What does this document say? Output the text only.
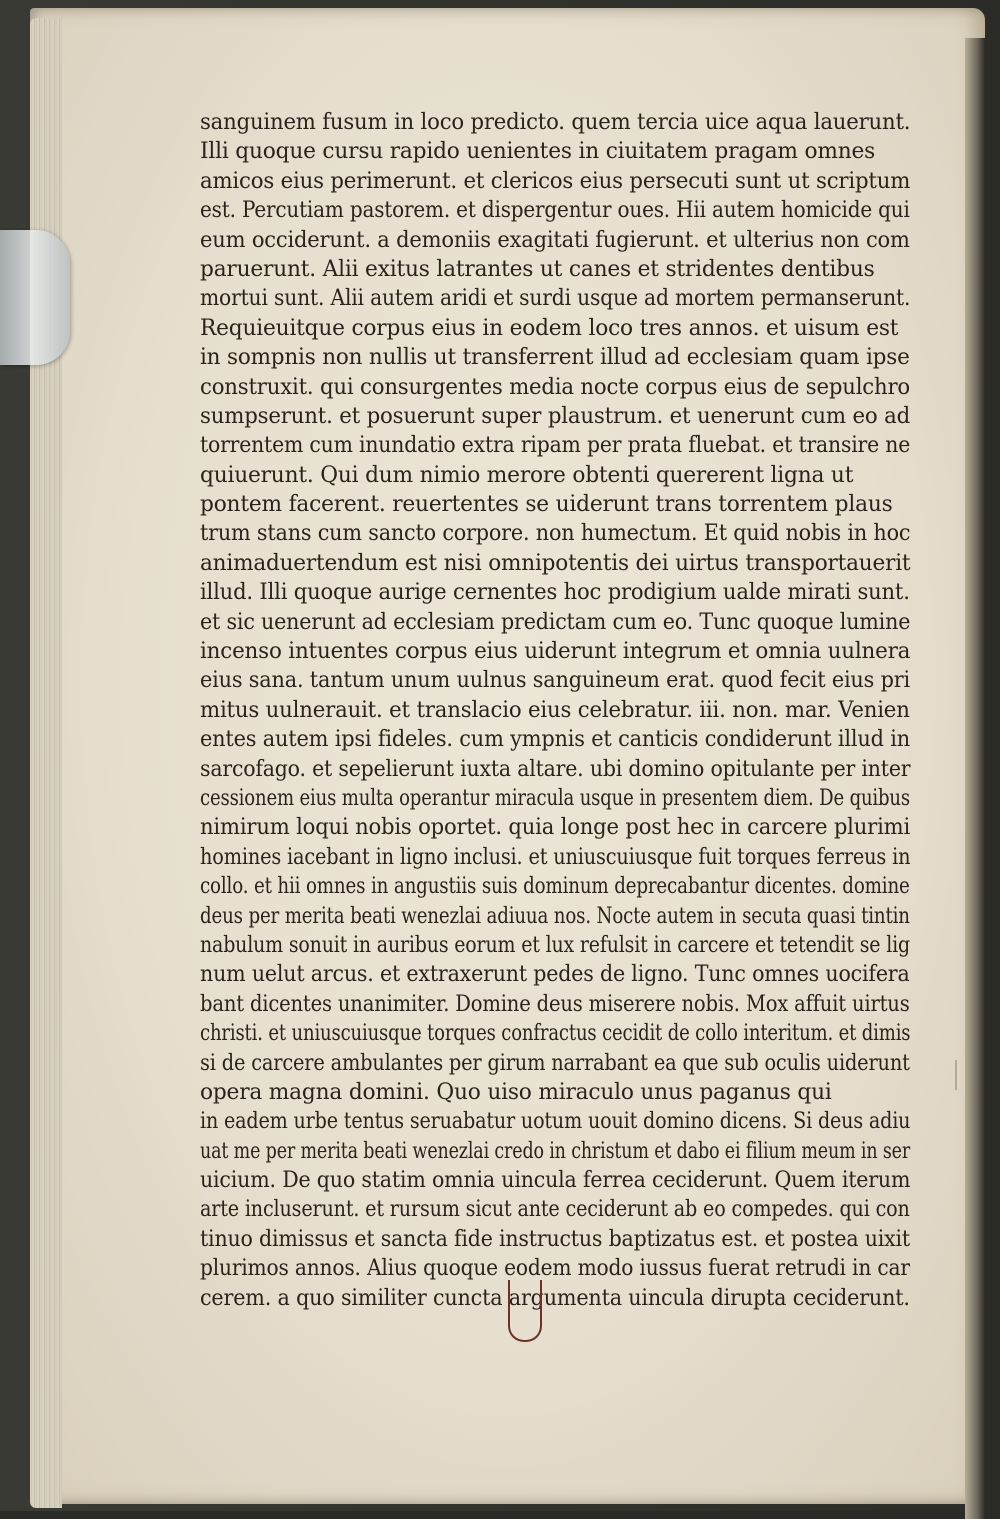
sanguinem fusum in loco predicto. quem tercia uice aqua lauerunt.
Illi quoque cursu rapido uenientes in ciuitatem pragam omnes
amicos eius perimerunt. et clericos eius persecuti sunt ut scriptum
est. Percutiam pastorem. et dispergentur oues. Hii autem homicide qui
eum occiderunt. a demoniis exagitati fugierunt. et ulterius non com
paruerunt. Alii exitus latrantes ut canes et stridentes dentibus
mortui sunt. Alii autem aridi et surdi usque ad mortem permanserunt.
Requieuitque corpus eius in eodem loco tres annos. et uisum est
in sompnis non nullis ut transferrent illud ad ecclesiam quam ipse
construxit. qui consurgentes media nocte corpus eius de sepulchro
sumpserunt. et posuerunt super plaustrum. et uenerunt cum eo ad
torrentem cum inundatio extra ripam per prata fluebat. et transire ne
quiuerunt. Qui dum nimio merore obtenti quererent ligna ut
pontem facerent. reuertentes se uiderunt trans torrentem plaus
trum stans cum sancto corpore. non humectum. Et quid nobis in hoc
animaduertendum est nisi omnipotentis dei uirtus transportauerit
illud. Illi quoque aurige cernentes hoc prodigium ualde mirati sunt.
et sic uenerunt ad ecclesiam predictam cum eo. Tunc quoque lumine
incenso intuentes corpus eius uiderunt integrum et omnia uulnera
eius sana. tantum unum uulnus sanguineum erat. quod fecit eius pri
mitus uulnerauit. et translacio eius celebratur. iii. non. mar. Venien
entes autem ipsi fideles. cum ympnis et canticis condiderunt illud in
sarcofago. et sepelierunt iuxta altare. ubi domino opitulante per inter
cessionem eius multa operantur miracula usque in presentem diem. De quibus
nimirum loqui nobis oportet. quia longe post hec in carcere plurimi
homines iacebant in ligno inclusi. et uniuscuiusque fuit torques ferreus in
collo. et hii omnes in angustiis suis dominum deprecabantur dicentes. domine
deus per merita beati wenezlai adiuua nos. Nocte autem in secuta quasi tintin
nabulum sonuit in auribus eorum et lux refulsit in carcere et tetendit se lig
num uelut arcus. et extraxerunt pedes de ligno. Tunc omnes uocifera
bant dicentes unanimiter. Domine deus miserere nobis. Mox affuit uirtus
christi. et uniuscuiusque torques confractus cecidit de collo interitum. et dimis
si de carcere ambulantes per girum narrabant ea que sub oculis uiderunt
opera magna domini. Quo uiso miraculo unus paganus qui
in eadem urbe tentus seruabatur uotum uouit domino dicens. Si deus adiu
uat me per merita beati wenezlai credo in christum et dabo ei filium meum in ser
uicium. De quo statim omnia uincula ferrea ceciderunt. Quem iterum
arte incluserunt. et rursum sicut ante ceciderunt ab eo compedes. qui con
tinuo dimissus et sancta fide instructus baptizatus est. et postea uixit
plurimos annos. Alius quoque eodem modo iussus fuerat retrudi in car
cerem. a quo similiter cuncta argumenta uincula dirupta ceciderunt.
